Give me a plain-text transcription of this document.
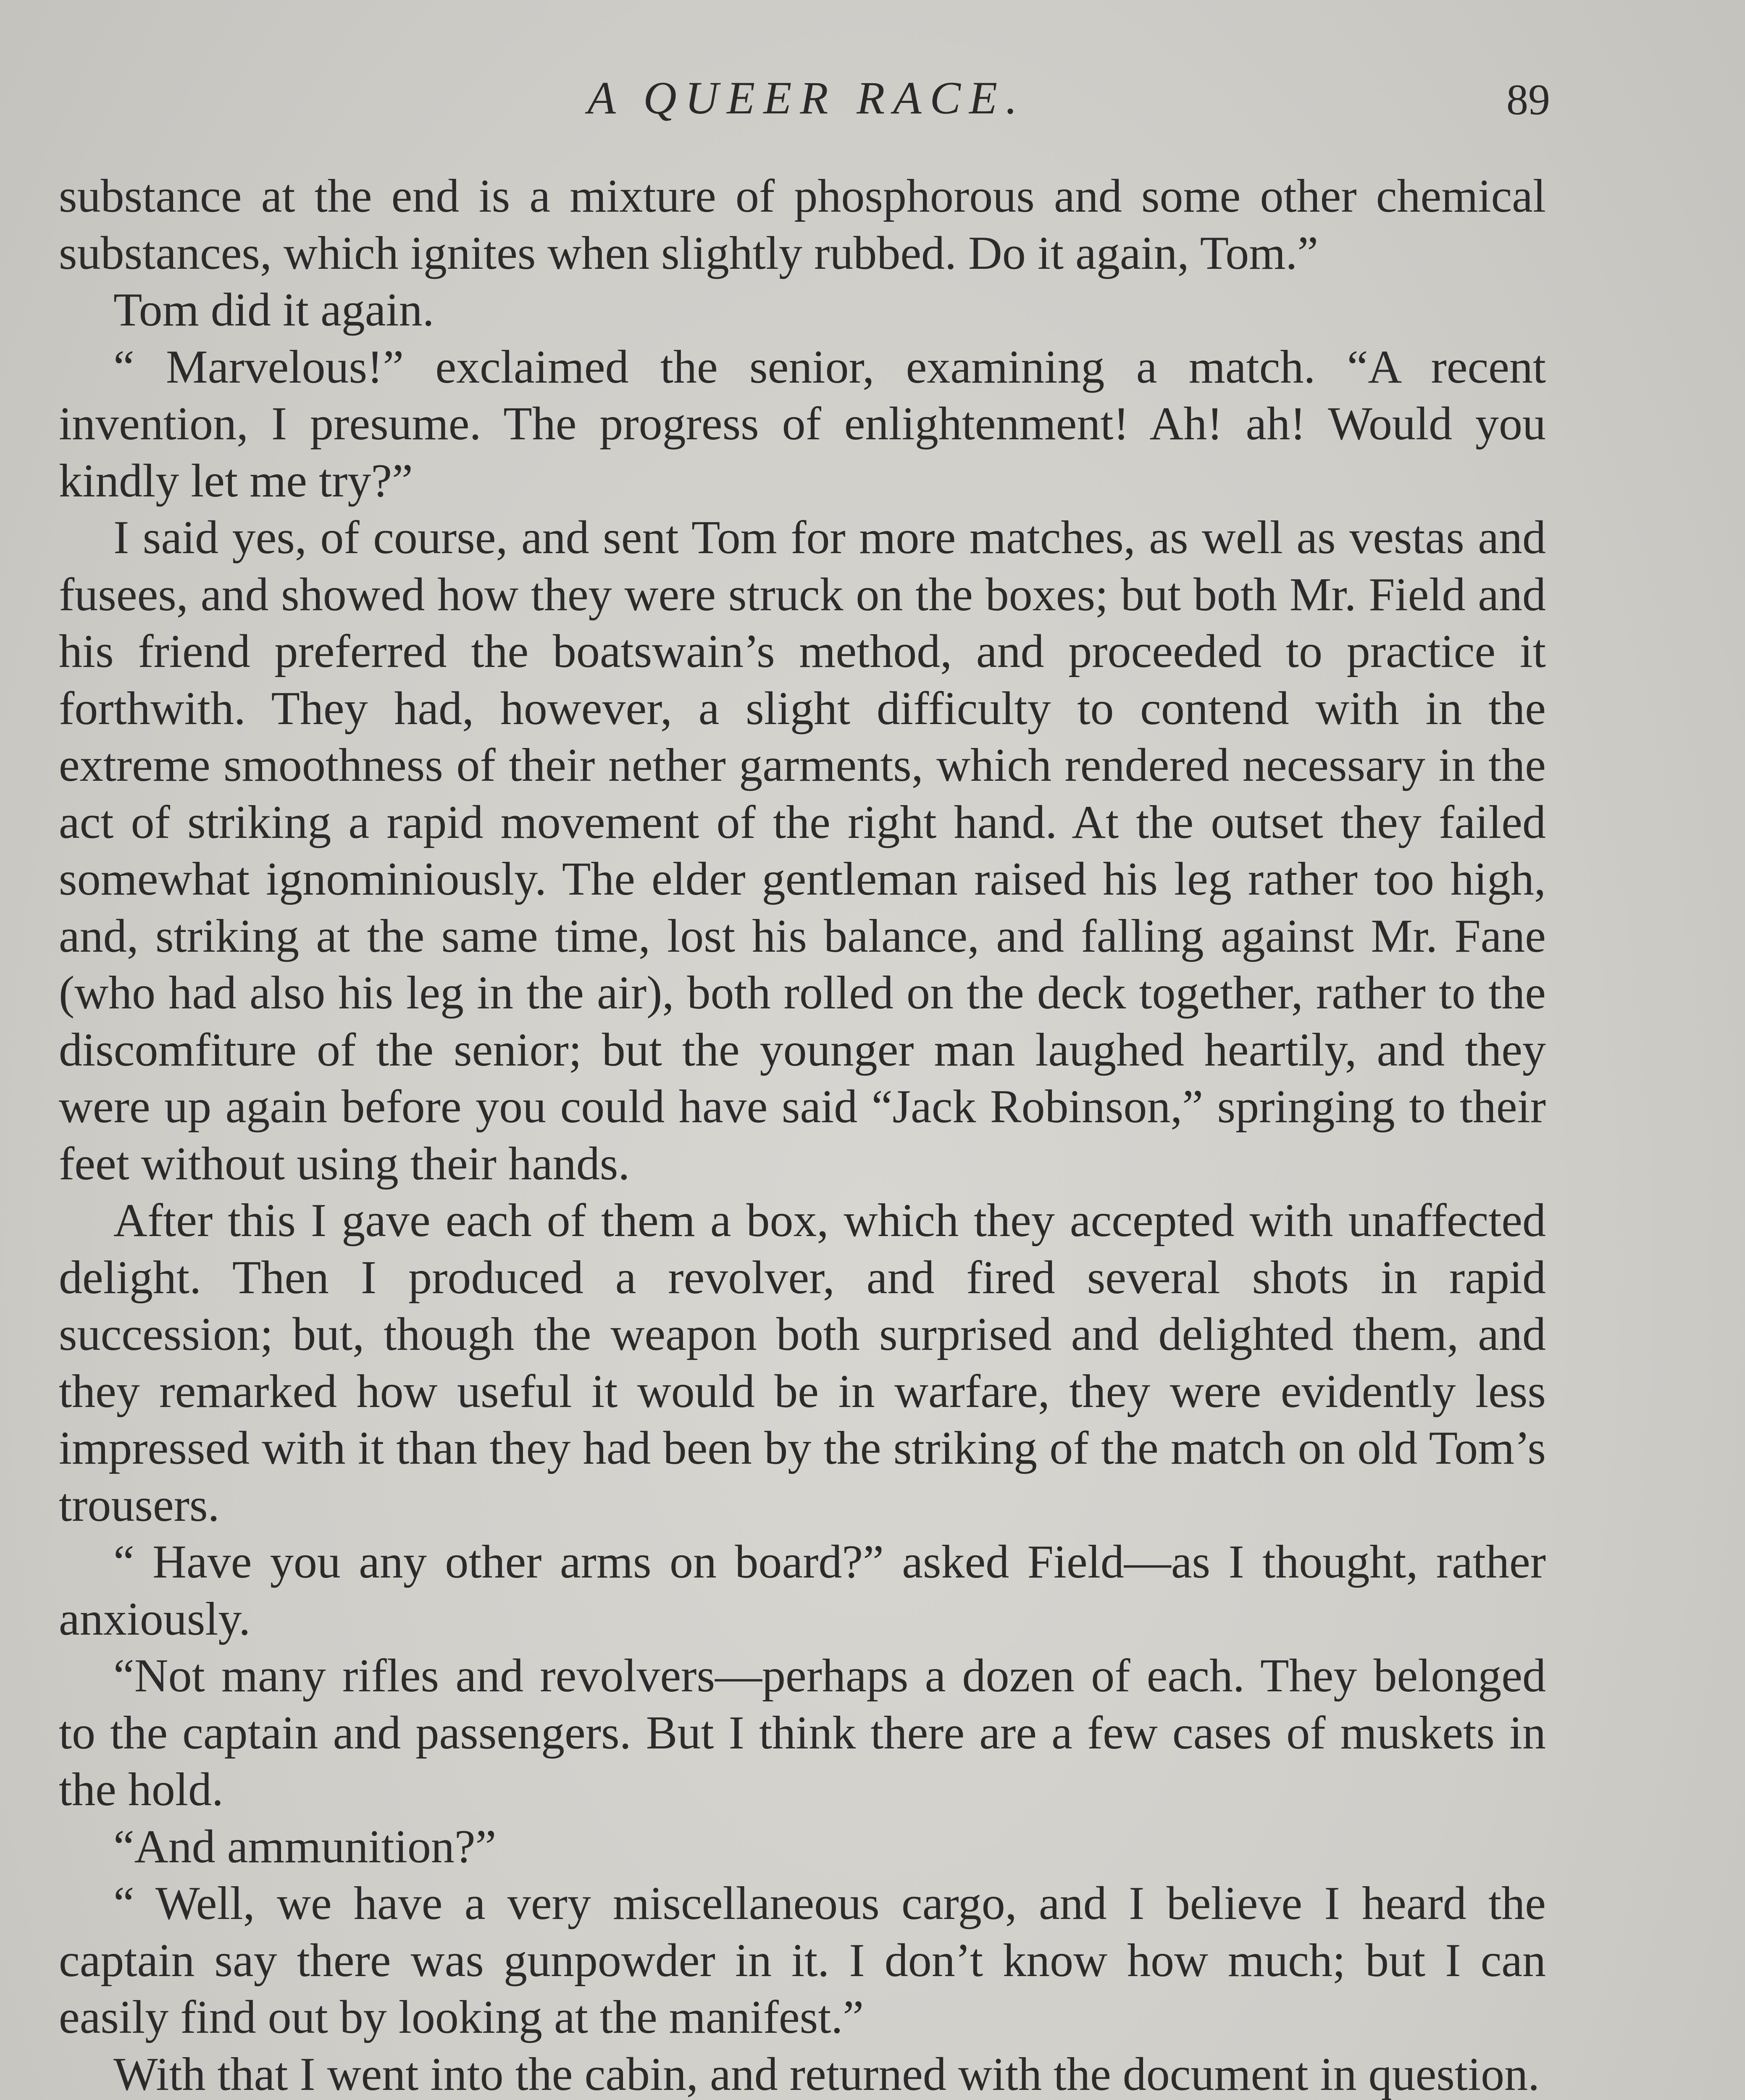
A QUEER RACE.	89

substance at the end is a mixture of phosphorous and some other chemical substances, which ignites when slightly rubbed. Do it again, Tom.”

Tom did it again.

“ Marvelous!” exclaimed the senior, examining a match. “A recent invention, I presume. The progress of enlightenment! Ah! ah! Would you kindly let me try?”

I said yes, of course, and sent Tom for more matches, as well as vestas and fusees, and showed how they were struck on the boxes; but both Mr. Field and his friend preferred the boatswain’s method, and proceeded to practice it forthwith. They had, however, a slight difficulty to contend with in the extreme smoothness of their nether garments, which rendered necessary in the act of striking a rapid movement of the right hand. At the outset they failed somewhat ignominiously. The elder gentleman raised his leg rather too high, and, striking at the same time, lost his balance, and falling against Mr. Fane (who had also his leg in the air), both rolled on the deck together, rather to the discomfiture of the senior; but the younger man laughed heartily, and they were up again before you could have said “Jack Robinson,” springing to their feet without using their hands.

After this I gave each of them a box, which they accepted with unaffected delight. Then I produced a revolver, and fired several shots in rapid succession; but, though the weapon both surprised and delighted them, and they remarked how useful it would be in warfare, they were evidently less impressed with it than they had been by the striking of the match on old Tom’s trousers.

“ Have you any other arms on board?” asked Field—as I thought, rather anxiously.

“Not many rifles and revolvers—perhaps a dozen of each. They belonged to the captain and passengers. But I think there are a few cases of muskets in the hold.

“And ammunition?”

“ Well, we have a very miscellaneous cargo, and I believe I heard the captain say there was gunpowder in it. I don’t know how much; but I can easily find out by looking at the manifest.”

With that I went into the cabin, and returned with the document in question.
